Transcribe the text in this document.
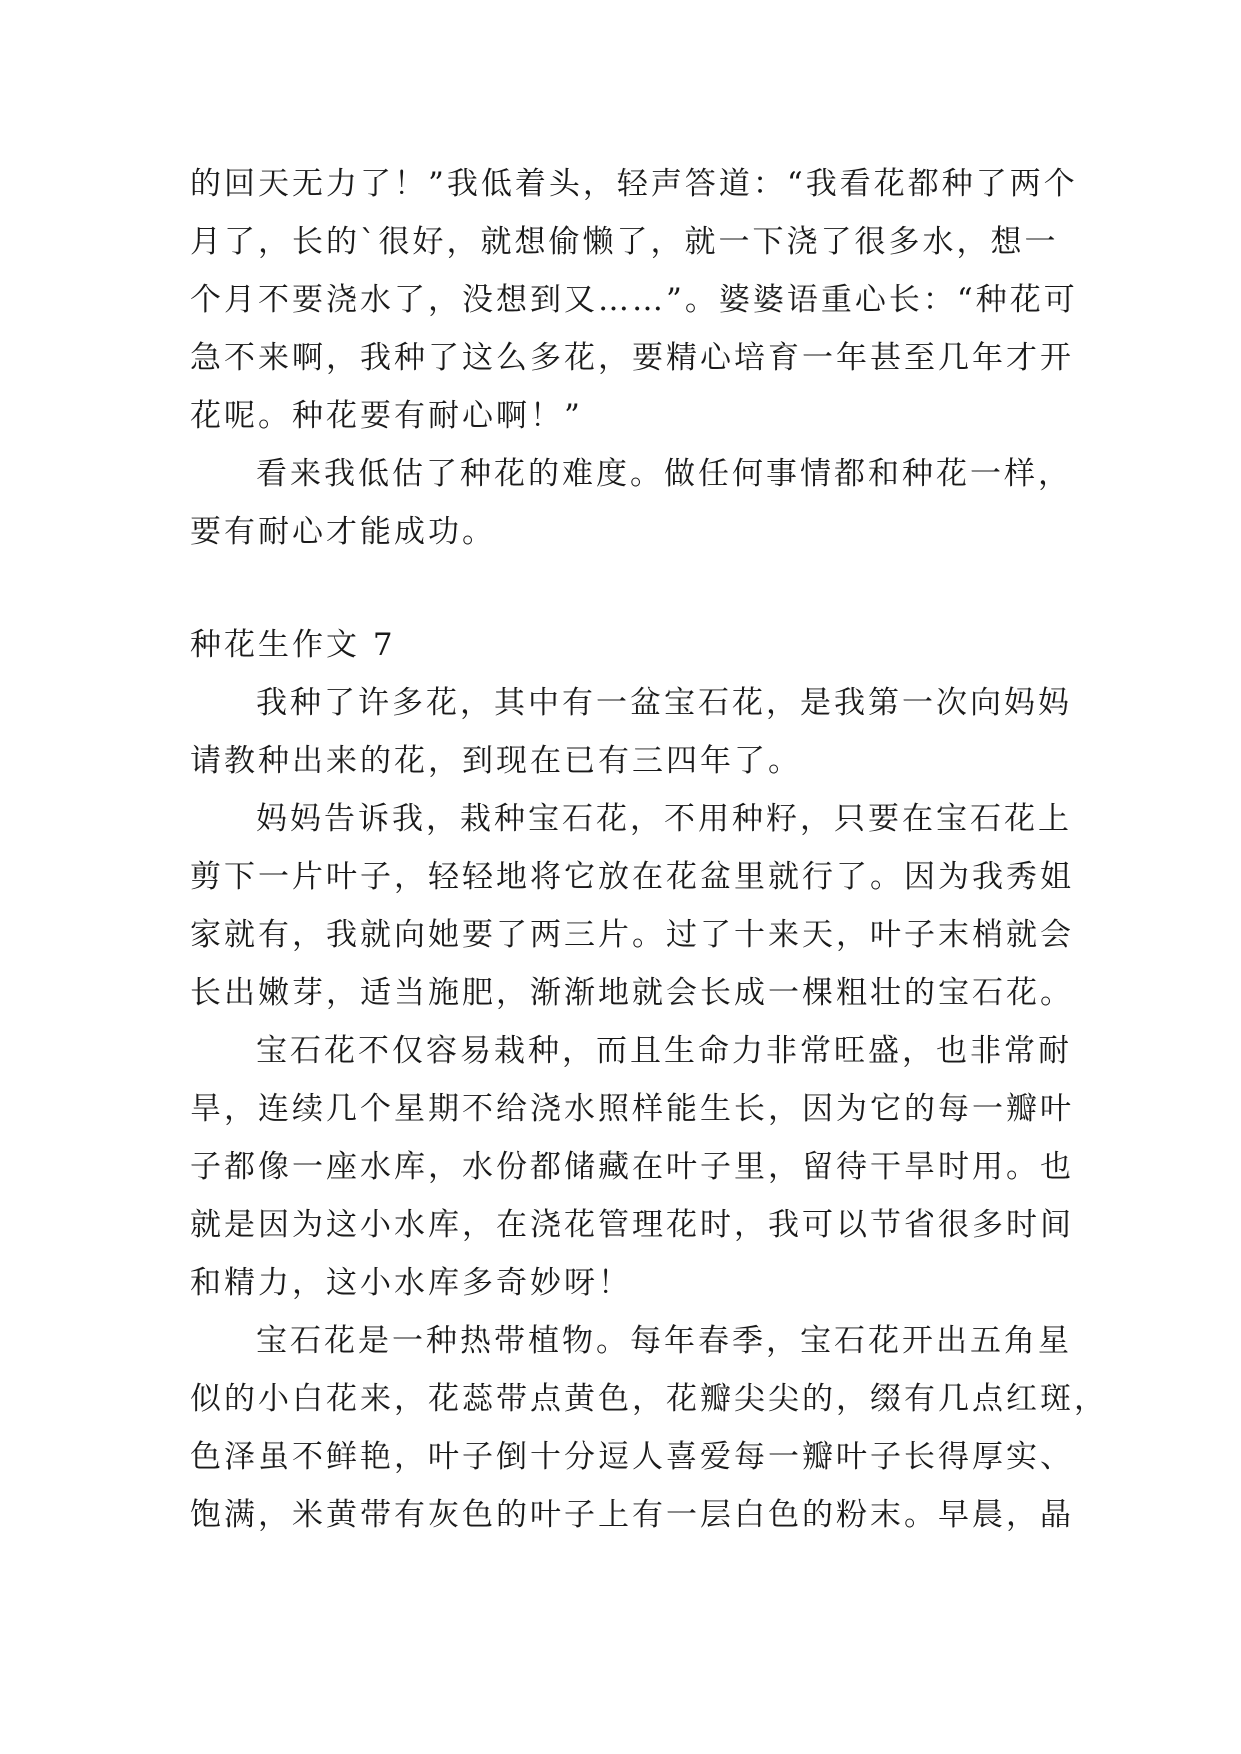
的回天无力了！”我低着头，轻声答道：“我看花都种了两个
月了，长的`很好，就想偷懒了，就一下浇了很多水，想一
个月不要浇水了，没想到又……”。婆婆语重心长：“种花可
急不来啊，我种了这么多花，要精心培育一年甚至几年才开
花呢。种花要有耐心啊！”
看来我低估了种花的难度。做任何事情都和种花一样，
要有耐心才能成功。
种花生作文 7
我种了许多花，其中有一盆宝石花，是我第一次向妈妈
请教种出来的花，到现在已有三四年了。
妈妈告诉我，栽种宝石花，不用种籽，只要在宝石花上
剪下一片叶子，轻轻地将它放在花盆里就行了。因为我秀姐
家就有，我就向她要了两三片。过了十来天，叶子末梢就会
长出嫩芽，适当施肥，渐渐地就会长成一棵粗壮的宝石花。
宝石花不仅容易栽种，而且生命力非常旺盛，也非常耐
旱，连续几个星期不给浇水照样能生长，因为它的每一瓣叶
子都像一座水库，水份都储藏在叶子里，留待干旱时用。也
就是因为这小水库，在浇花管理花时，我可以节省很多时间
和精力，这小水库多奇妙呀！
宝石花是一种热带植物。每年春季，宝石花开出五角星
似的小白花来，花蕊带点黄色，花瓣尖尖的，缀有几点红斑，
色泽虽不鲜艳，叶子倒十分逗人喜爱每一瓣叶子长得厚实、
饱满，米黄带有灰色的叶子上有一层白色的粉末。早晨，晶
